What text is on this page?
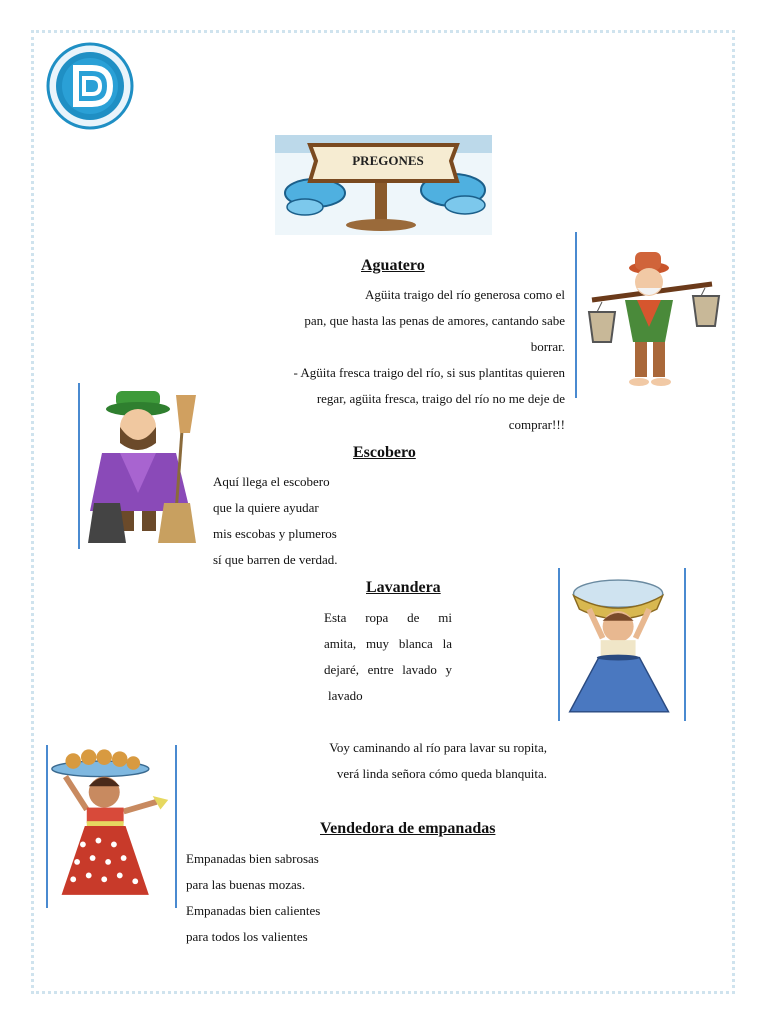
PREGONES
Aguatero
Agüita traigo del río generosa como el
pan, que hasta las penas de amores, cantando sabe
borrar.
- Agüita fresca traigo del río, si sus plantitas quieren
regar, agüita fresca, traigo del río no me deje de
comprar!!!
Escobero
Aquí llega el escobero
que la quiere ayudar
mis escobas y plumeros
sí que barren de verdad.
Lavandera
Esta ropa de mi
amita, muy blanca la
dejaré, entre lavado y
lavado
Voy caminando al río para lavar su ropita,
verá linda señora cómo queda blanquita.
Vendedora de empanadas
Empanadas bien sabrosas
para las buenas mozas.
Empanadas bien calientes
para todos los valientes
